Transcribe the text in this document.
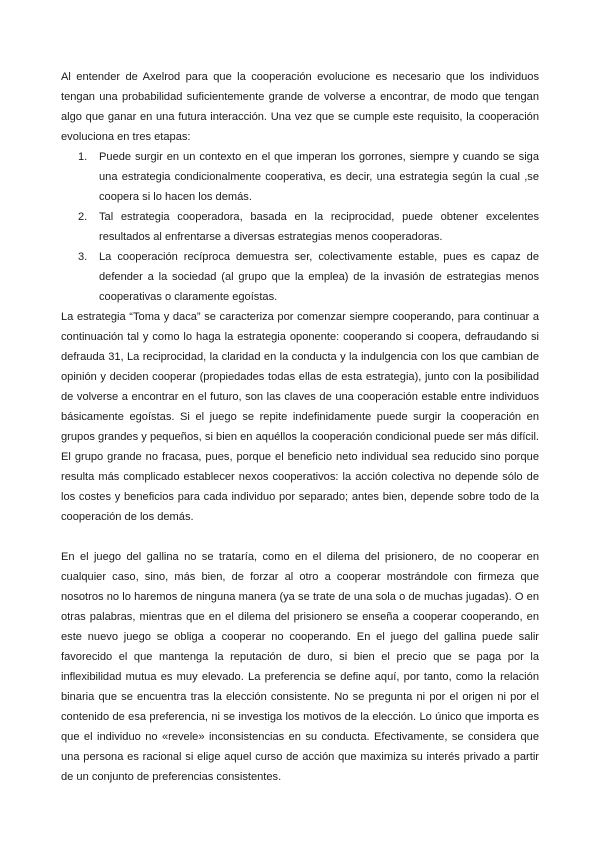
Al entender de Axelrod para que la cooperación evolucione es necesario que los individuos tengan una probabilidad suficientemente grande de volverse a encontrar, de modo que tengan algo que ganar en una futura interacción. Una vez que se cumple este requisito, la cooperación evoluciona en tres etapas:

1. Puede surgir en un contexto en el que imperan los gorrones, siempre y cuando se siga una estrategia condicionalmente cooperativa, es decir, una estrategia según la cual ,se coopera si lo hacen los demás.
2. Tal estrategia cooperadora, basada en la reciprocidad, puede obtener excelentes resultados al enfrentarse a diversas estrategias menos cooperadoras.
3. La cooperación recíproca demuestra ser, colectivamente estable, pues es capaz de defender a la sociedad (al grupo que la emplea) de la invasión de estrategias menos cooperativas o claramente egoístas.

La estrategia “Toma y daca” se caracteriza por comenzar siempre cooperando, para continuar a continuación tal y como lo haga la estrategia oponente: cooperando si coopera, defraudando si defrauda 31, La reciprocidad, la claridad en la conducta y la indulgencia con los que cambian de opinión y deciden cooperar (propiedades todas ellas de esta estrategia), junto con la posibilidad de volverse a encontrar en el futuro, son las claves de una cooperación estable entre individuos básicamente egoístas. Si el juego se repite indefinidamente puede surgir la cooperación en grupos grandes y pequeños, si bien en aquéllos la cooperación condicional puede ser más difícil. El grupo grande no fracasa, pues, porque el beneficio neto individual sea reducido sino porque resulta más complicado establecer nexos cooperativos: la acción colectiva no depende sólo de los costes y beneficios para cada individuo por separado; antes bien, depende sobre todo de la cooperación de los demás.

En el juego del gallina no se trataría, como en el dilema del prisionero, de no cooperar en cualquier caso, sino, más bien, de forzar al otro a cooperar mostrándole con firmeza que nosotros no lo haremos de ninguna manera (ya se trate de una sola o de muchas jugadas). O en otras palabras, mientras que en el dilema del prisionero se enseña a cooperar cooperando, en este nuevo juego se obliga a cooperar no cooperando. En el juego del gallina puede salir favorecido el que mantenga la reputación de duro, si bien el precio que se paga por la inflexibilidad mutua es muy elevado. La preferencia se define aquí, por tanto, como la relación binaria que se encuentra tras la elección consistente. No se pregunta ni por el origen ni por el contenido de esa preferencia, ni se investiga los motivos de la elección. Lo único que importa es que el individuo no «revele» inconsistencias en su conducta. Efectivamente, se considera que una persona es racional si elige aquel curso de acción que maximiza su interés privado a partir de un conjunto de preferencias consistentes.
